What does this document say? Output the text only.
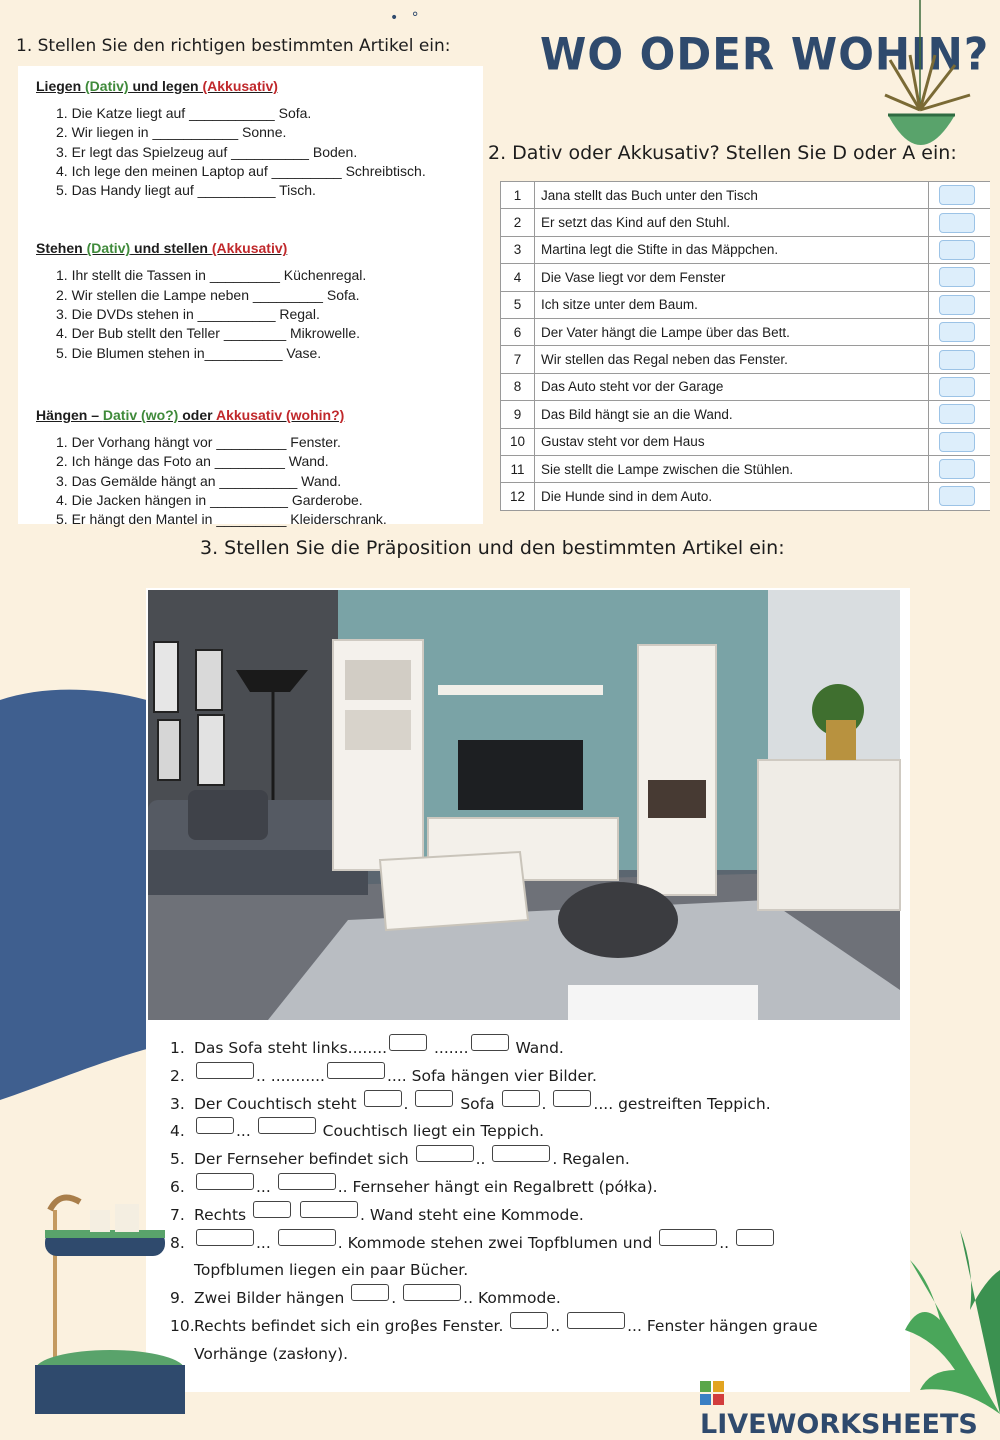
•   °
WO ODER WOHIN?
1. Stellen Sie den richtigen bestimmten Artikel ein:
2. Dativ oder Akkusativ? Stellen Sie D oder A ein:
Liegen (Dativ) und legen (Akkusativ)
1. Die Katze liegt auf ___________ Sofa.
2. Wir liegen in ___________ Sonne.
3. Er legt das Spielzeug auf __________ Boden.
4. Ich lege den meinen Laptop auf _________ Schreibtisch.
5. Das Handy liegt auf __________ Tisch.
Stehen (Dativ) und stellen (Akkusativ)
1. Ihr stellt die Tassen in _________ Küchenregal.
2. Wir stellen die Lampe neben _________ Sofa.
3. Die DVDs stehen in __________ Regal.
4. Der Bub stellt den Teller ________ Mikrowelle.
5. Die Blumen stehen in__________ Vase.
Hängen – Dativ (wo?) oder Akkusativ (wohin?)
1. Der Vorhang hängt vor _________ Fenster.
2. Ich hänge das Foto an _________ Wand.
3. Das Gemälde hängt an __________ Wand.
4. Die Jacken hängen in __________ Garderobe.
5. Er hängt den Mantel in _________ Kleiderschrank.
1	Jana stellt das Buch unter den Tisch	

2	Er setzt das Kind auf den Stuhl.	

3	Martina legt die Stifte in das Mäppchen.	

4	Die Vase liegt vor dem Fenster	

5	Ich sitze unter dem Baum.	

6	Der Vater hängt die Lampe über das Bett.	

7	Wir stellen das Regal neben das Fenster.	

8	Das Auto steht vor der Garage	

9	Das Bild hängt sie an die Wand.	

10	Gustav steht vor dem Haus	

11	Sie stellt die Lampe zwischen die Stühlen.	

12	Die Hunde sind in dem Auto.	
3. Stellen Sie die Präposition und den bestimmten Artikel ein:
1. Das Sofa steht links........	.......	Wand.
2.	.. ...........	.... Sofa hängen vier Bilder.
3. Der Couchtisch steht	.	Sofa	.	.... gestreiften Teppich.
4.	...	Couchtisch liegt ein Teppich.
5. Der Fernseher befindet sich	..	. Regalen.
6.	...	.. Fernseher hängt ein Regalbrett (półka).
7. Rechts	. Wand steht eine Kommode.
8.	...	. Kommode stehen zwei Topfblumen und	..
Topfblumen liegen ein paar Bücher.
9. Zwei Bilder hängen	.	.. Kommode.
10.Rechts befindet sich ein groβes Fenster.	..	... Fenster hängen graue
Vorhänge (zasłony).
LIVEWORKSHEETS
